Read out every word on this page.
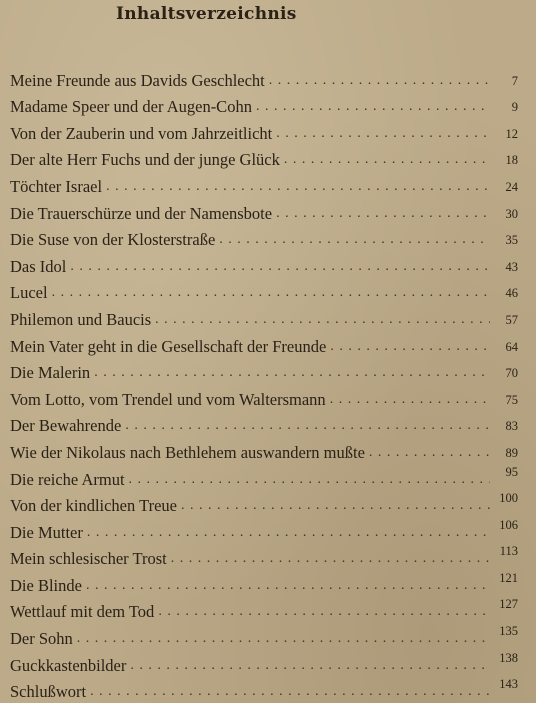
Inhaltsverzeichnis
Meine Freunde aus Davids Geschlecht . . .	7
Madame Speer und der Augen-Cohn . . .	9
Von der Zauberin und vom Jahrzeitlicht . . .	12
Der alte Herr Fuchs und der junge Glück . . .	18
Töchter Israel . . .	24
Die Trauerschürze und der Namensbote . . .	30
Die Suse von der Klosterstraße . . .	35
Das Idol . . .	43
Lucel . . .	46
Philemon und Baucis . . .	57
Mein Vater geht in die Gesellschaft der Freunde . . .	64
Die Malerin . . .	70
Vom Lotto, vom Trendel und vom Waltersmann . . .	75
Der Bewahrende . . .	83
Wie der Nikolaus nach Bethlehem auswandern mußte . . .	89
Die reiche Armut . . .	95
Von der kindlichen Treue . . .	100
Die Mutter . . .	106
Mein schlesischer Trost . . .	113
Die Blinde . . .	121
Wettlauf mit dem Tod . . .	127
Der Sohn . . .	135
Guckkastenbilder . . .	138
Schlußwort . . .	143
